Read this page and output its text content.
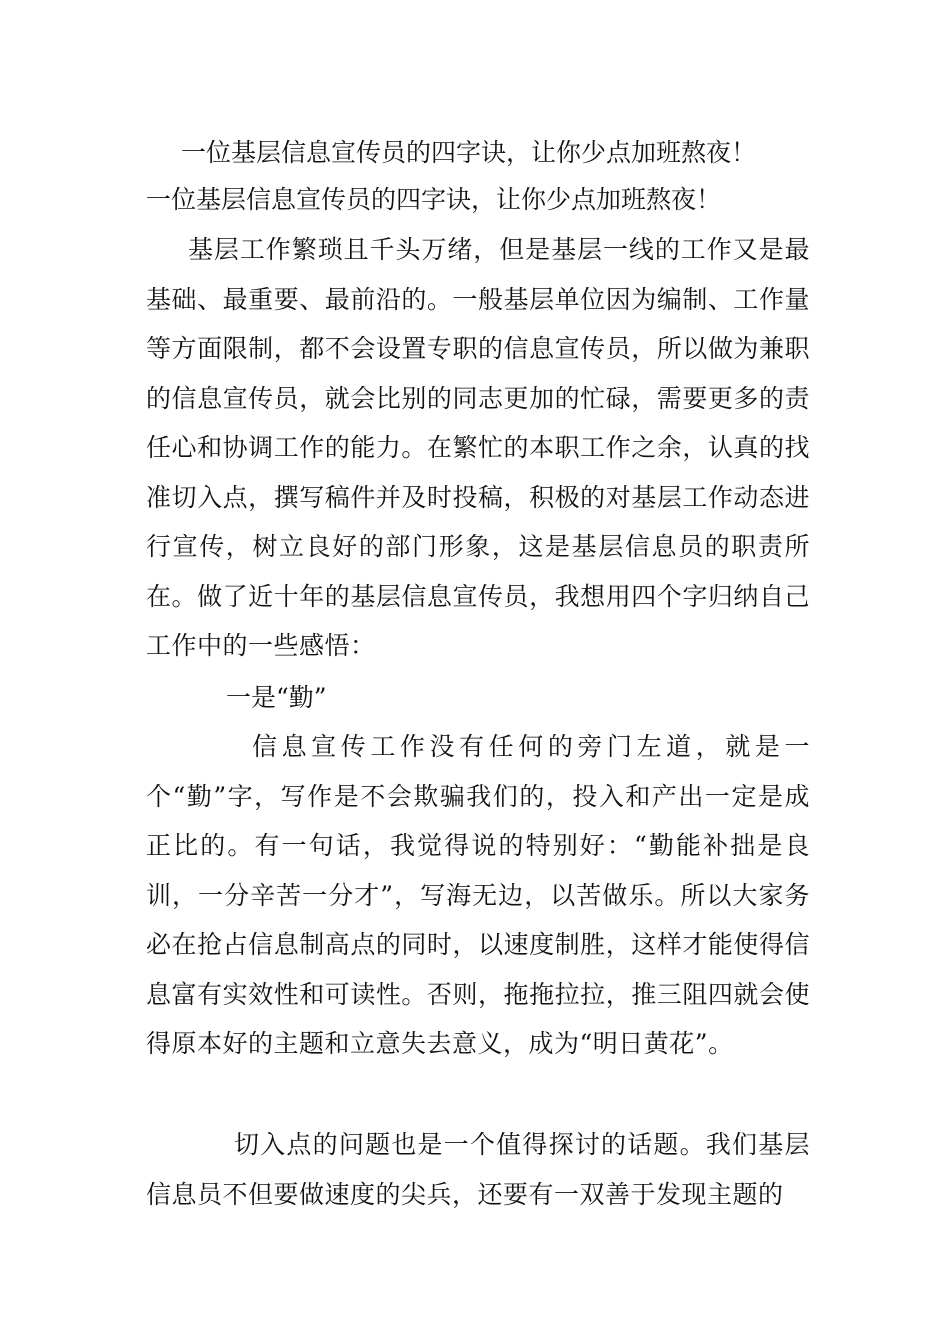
一位基层信息宣传员的四字诀，让你少点加班熬夜！

一位基层信息宣传员的四字诀，让你少点加班熬夜！

基层工作繁琐且千头万绪，但是基层一线的工作又是最基础、最重要、最前沿的。一般基层单位因为编制、工作量等方面限制，都不会设置专职的信息宣传员，所以做为兼职的信息宣传员，就会比别的同志更加的忙碌，需要更多的责任心和协调工作的能力。在繁忙的本职工作之余，认真的找准切入点，撰写稿件并及时投稿，积极的对基层工作动态进行宣传，树立良好的部门形象，这是基层信息员的职责所在。做了近十年的基层信息宣传员，我想用四个字归纳自己工作中的一些感悟：

一是“勤”

信息宣传工作没有任何的旁门左道，就是一个“勤”字，写作是不会欺骗我们的，投入和产出一定是成正比的。有一句话，我觉得说的特别好：“勤能补拙是良训，一分辛苦一分才”，写海无边，以苦做乐。所以大家务必在抢占信息制高点的同时，以速度制胜，这样才能使得信息富有实效性和可读性。否则，拖拖拉拉，推三阻四就会使得原本好的主题和立意失去意义，成为“明日黄花”。

切入点的问题也是一个值得探讨的话题。我们基层信息员不但要做速度的尖兵，还要有一双善于发现主题的
